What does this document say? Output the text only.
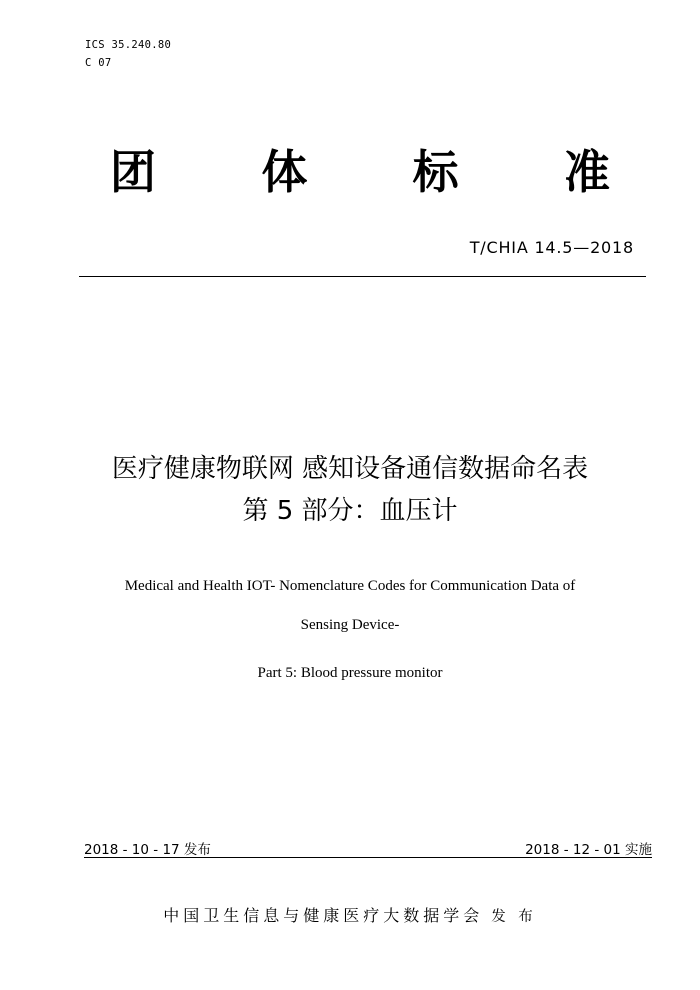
ICS 35.240.80
C 07
团 体 标 准
T/CHIA 14.5—2018
医疗健康物联网 感知设备通信数据命名表
第 5 部分：血压计
Medical and Health IOT- Nomenclature Codes for Communication Data of
Sensing Device-
Part 5: Blood pressure monitor
2018 - 10 - 17 发布	2018 - 12 - 01 实施
中国卫生信息与健康医疗大数据学会 发 布
